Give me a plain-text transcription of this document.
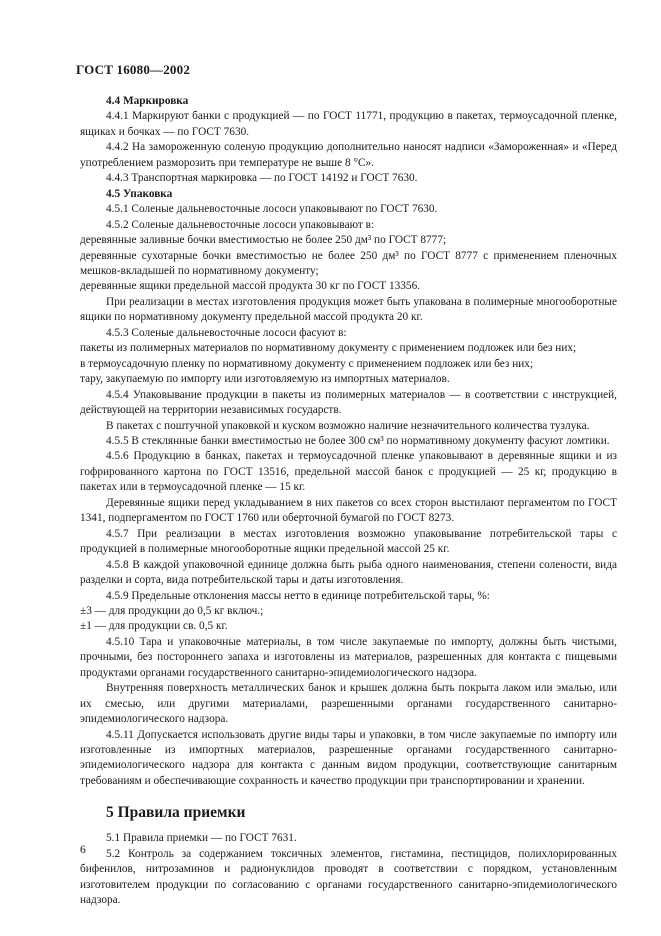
ГОСТ 16080—2002

4.4 Маркировка

4.4.1 Маркируют банки с продукцией — по ГОСТ 11771, продукцию в пакетах, термоусадочной пленке, ящиках и бочках — по ГОСТ 7630.

4.4.2 На замороженную соленую продукцию дополнительно наносят надписи «Замороженная» и «Перед употреблением разморозить при температуре не выше 8 °С».

4.4.3 Транспортная маркировка — по ГОСТ 14192 и ГОСТ 7630.

4.5 Упаковка

4.5.1 Соленые дальневосточные лососи упаковывают по ГОСТ 7630.

4.5.2 Соленые дальневосточные лососи упаковывают в:

деревянные заливные бочки вместимостью не более 250 дм³ по ГОСТ 8777;

деревянные сухотарные бочки вместимостью не более 250 дм³ по ГОСТ 8777 с применением пленочных мешков-вкладышей по нормативному документу;

деревянные ящики предельной массой продукта 30 кг по ГОСТ 13356.

При реализации в местах изготовления продукция может быть упакована в полимерные многооборотные ящики по нормативному документу предельной массой продукта 20 кг.

4.5.3 Соленые дальневосточные лососи фасуют в:

пакеты из полимерных материалов по нормативному документу с применением подложек или без них;

в термоусадочную пленку по нормативному документу с применением подложек или без них;

тару, закупаемую по импорту или изготовляемую из импортных материалов.

4.5.4 Упаковывание продукции в пакеты из полимерных материалов — в соответствии с инструкцией, действующей на территории независимых государств.

В пакетах с поштучной упаковкой и куском возможно наличие незначительного количества тузлука.

4.5.5 В стеклянные банки вместимостью не более 300 см³ по нормативному документу фасуют ломтики.

4.5.6 Продукцию в банках, пакетах и термоусадочной пленке упаковывают в деревянные ящики и из гофрированного картона по ГОСТ 13516, предельной массой банок с продукцией — 25 кг, продукцию в пакетах или в термоусадочной пленке — 15 кг.

Деревянные ящики перед укладыванием в них пакетов со всех сторон выстилают пергаментом по ГОСТ 1341, подпергаментом по ГОСТ 1760 или оберточной бумагой по ГОСТ 8273.

4.5.7 При реализации в местах изготовления возможно упаковывание потребительской тары с продукцией в полимерные многооборотные ящики предельной массой 25 кг.

4.5.8 В каждой упаковочной единице должна быть рыба одного наименования, степени солености, вида разделки и сорта, вида потребительской тары и даты изготовления.

4.5.9 Предельные отклонения массы нетто в единице потребительской тары, %:

±3 — для продукции до 0,5 кг включ.;

±1 — для продукции св. 0,5 кг.

4.5.10 Тара и упаковочные материалы, в том числе закупаемые по импорту, должны быть чистыми, прочными, без постороннего запаха и изготовлены из материалов, разрешенных для контакта с пищевыми продуктами органами государственного санитарно-эпидемиологического надзора.

Внутренняя поверхность металлических банок и крышек должна быть покрыта лаком или эмалью, или их смесью, или другими материалами, разрешенными органами государственного санитарно-эпидемиологического надзора.

4.5.11 Допускается использовать другие виды тары и упаковки, в том числе закупаемые по импорту или изготовленные из импортных материалов, разрешенные органами государственного санитарно-эпидемиологического надзора для контакта с данным видом продукции, соответствующие санитарным требованиям и обеспечивающие сохранность и качество продукции при транспортировании и хранении.

5 Правила приемки

5.1 Правила приемки — по ГОСТ 7631.

5.2 Контроль за содержанием токсичных элементов, гистамина, пестицидов, полихлорированных бифенилов, нитрозаминов и радионуклидов проводят в соответствии с порядком, установленным изготовителем продукции по согласованию с органами государственного санитарно-эпидемиологического надзора.

6
